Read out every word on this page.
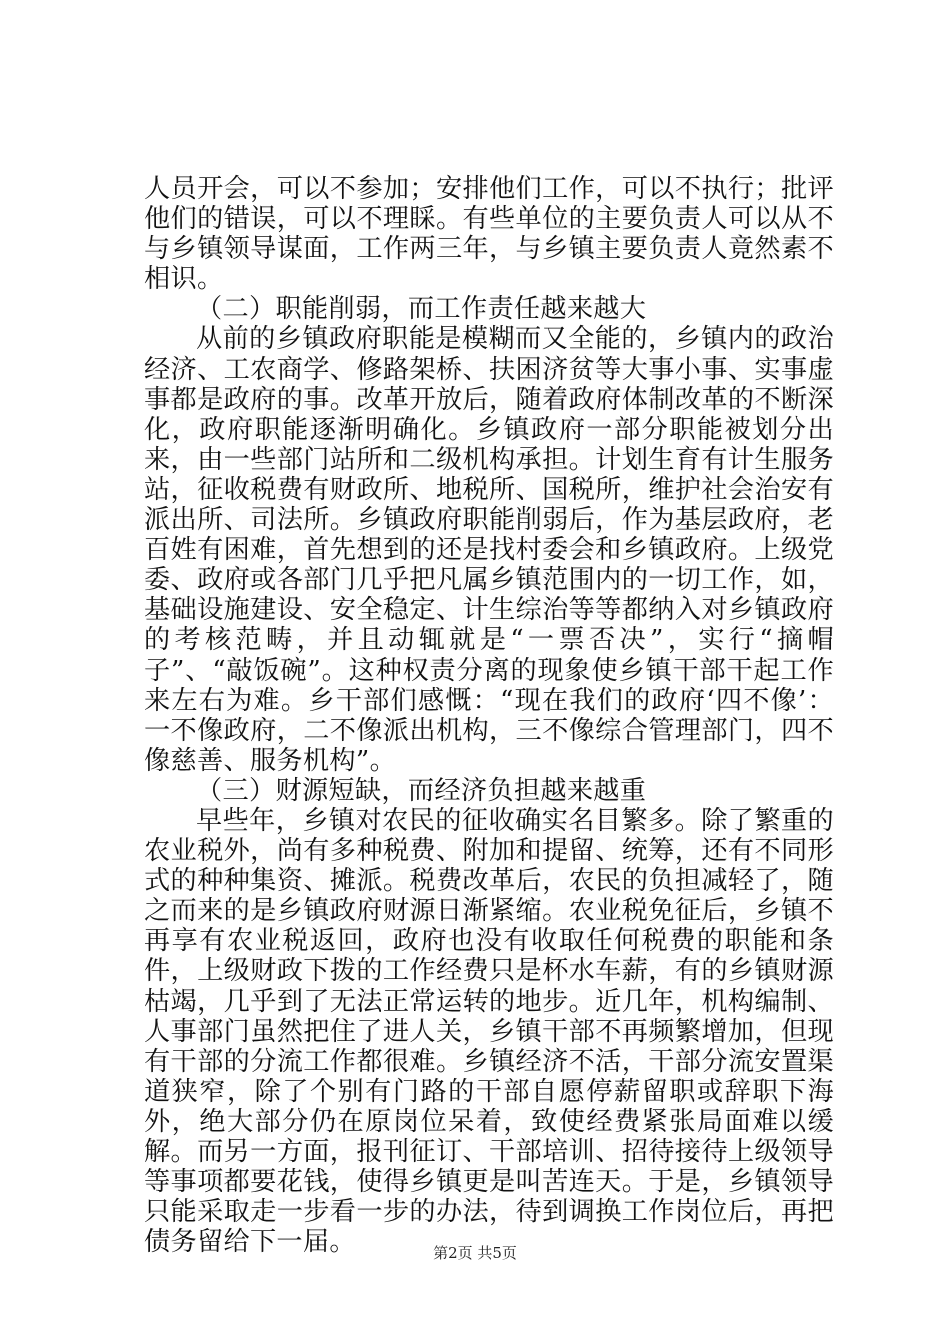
人员开会，可以不参加；安排他们工作，可以不执行；批评他们的错误，可以不理睬。有些单位的主要负责人可以从不与乡镇领导谋面，工作两三年，与乡镇主要负责人竟然素不相识。

（二）职能削弱，而工作责任越来越大

从前的乡镇政府职能是模糊而又全能的，乡镇内的政治经济、工农商学、修路架桥、扶困济贫等大事小事、实事虚事都是政府的事。改革开放后，随着政府体制改革的不断深化，政府职能逐渐明确化。乡镇政府一部分职能被划分出来，由一些部门站所和二级机构承担。计划生育有计生服务站，征收税费有财政所、地税所、国税所，维护社会治安有派出所、司法所。乡镇政府职能削弱后，作为基层政府，老百姓有困难，首先想到的还是找村委会和乡镇政府。上级党委、政府或各部门几乎把凡属乡镇范围内的一切工作，如，基础设施建设、安全稳定、计生综治等等都纳入对乡镇政府的考核范畴，并且动辄就是“一票否决”，实行“摘帽子”、“敲饭碗”。这种权责分离的现象使乡镇干部干起工作来左右为难。乡干部们感慨：“现在我们的政府‘四不像’：一不像政府，二不像派出机构，三不像综合管理部门，四不像慈善、服务机构”。

（三）财源短缺，而经济负担越来越重

早些年，乡镇对农民的征收确实名目繁多。除了繁重的农业税外，尚有多种税费、附加和提留、统筹，还有不同形式的种种集资、摊派。税费改革后，农民的负担减轻了，随之而来的是乡镇政府财源日渐紧缩。农业税免征后，乡镇不再享有农业税返回，政府也没有收取任何税费的职能和条件，上级财政下拨的工作经费只是杯水车薪，有的乡镇财源枯竭，几乎到了无法正常运转的地步。近几年，机构编制、人事部门虽然把住了进人关，乡镇干部不再频繁增加，但现有干部的分流工作都很难。乡镇经济不活，干部分流安置渠道狭窄，除了个别有门路的干部自愿停薪留职或辞职下海外，绝大部分仍在原岗位呆着，致使经费紧张局面难以缓解。而另一方面，报刊征订、干部培训、招待接待上级领导等事项都要花钱，使得乡镇更是叫苦连天。于是，乡镇领导只能采取走一步看一步的办法，待到调换工作岗位后，再把债务留给下一届。	第2页 共5页
